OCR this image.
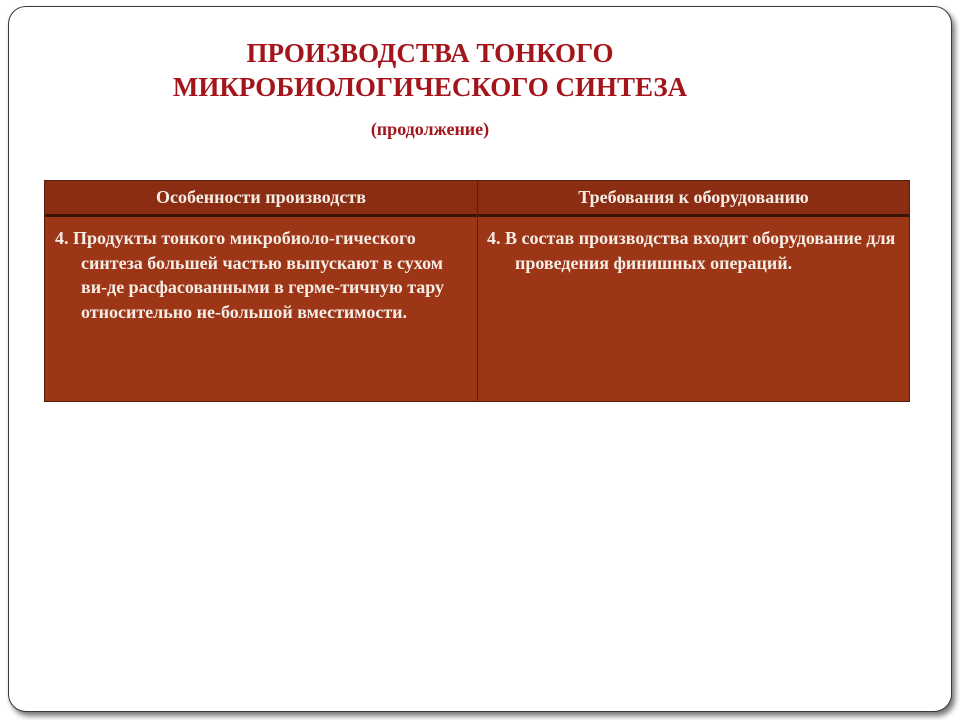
ПРОИЗВОДСТВА ТОНКОГО
МИКРОБИОЛОГИЧЕСКОГО СИНТЕЗА
(продолжение)
Особенности производств	Требования к оборудованию
4. Продукты тонкого микробиоло-гического синтеза большей частью выпускают в сухом ви-де расфасованными в герме-тичную тару относительно не-большой вместимости.
4. В состав производства входит оборудование для проведения финишных операций.
